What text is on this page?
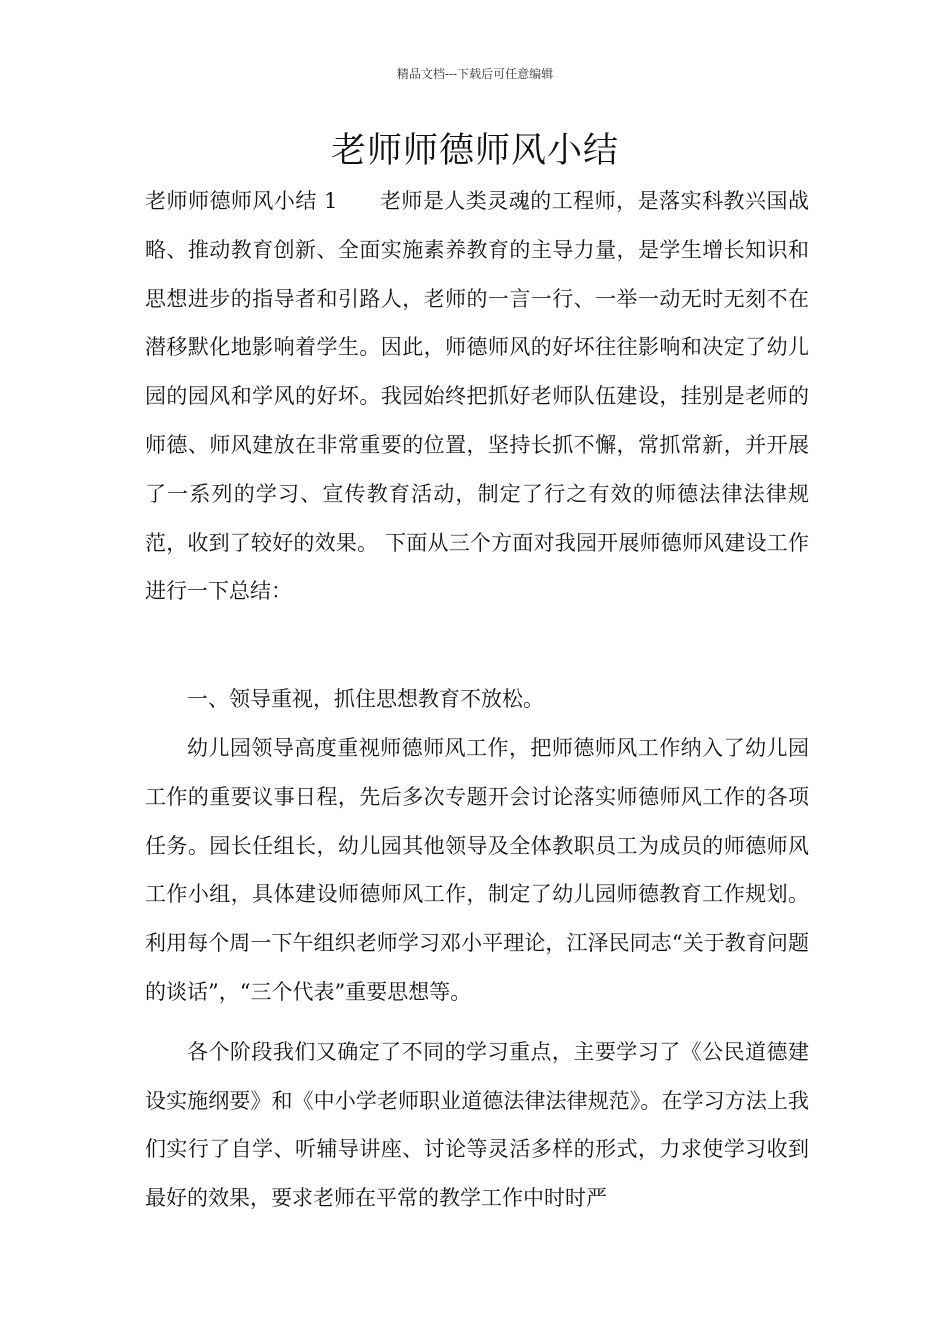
精品文档---下载后可任意编辑
老师师德师风小结

老师师德师风小结 1 老师是人类灵魂的工程师，是落实科教兴国战略、推动教育创新、全面实施素养教育的主导力量，是学生增长知识和思想进步的指导者和引路人，老师的一言一行、一举一动无时无刻不在潜移默化地影响着学生。因此，师德师风的好坏往往影响和决定了幼儿园的园风和学风的好坏。我园始终把抓好老师队伍建设，挂别是老师的师德、师风建放在非常重要的位置，坚持长抓不懈，常抓常新，并开展了一系列的学习、宣传教育活动，制定了行之有效的师德法律法律规范，收到了较好的效果。 下面从三个方面对我园开展师德师风建设工作进行一下总结：

一、领导重视，抓住思想教育不放松。

幼儿园领导高度重视师德师风工作，把师德师风工作纳入了幼儿园工作的重要议事日程，先后多次专题开会讨论落实师德师风工作的各项任务。园长任组长，幼儿园其他领导及全体教职员工为成员的师德师风工作小组，具体建设师德师风工作，制定了幼儿园师德教育工作规划。利用每个周一下午组织老师学习邓小平理论，江泽民同志“关于教育问题的谈话”，“三个代表”重要思想等。

各个阶段我们又确定了不同的学习重点，主要学习了《公民道德建设实施纲要》和《中小学老师职业道德法律法律规范》。在学习方法上我们实行了自学、听辅导讲座、讨论等灵活多样的形式，力求使学习收到最好的效果，要求老师在平常的教学工作中时时严
